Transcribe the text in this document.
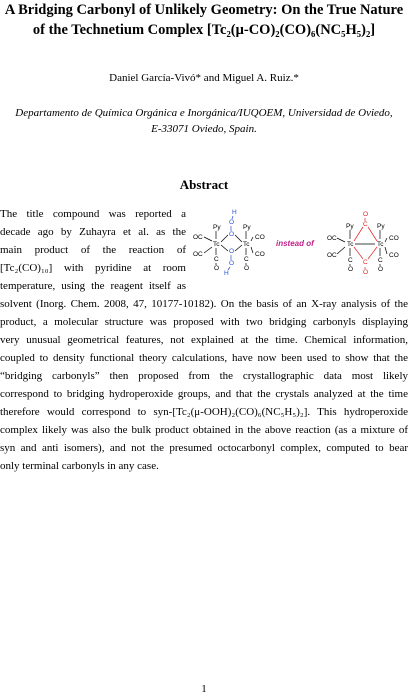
A Bridging Carbonyl of Unlikely Geometry: On the True Nature
of the Technetium Complex [Tc₂(μ-CO)₂(CO)₆(NC₅H₅)₂]
Daniel García-Vivó* and Miguel A. Ruiz.*
Departamento de Química Orgánica e Inorgánica/IUQOEM, Universidad de Oviedo,
E-33071 Oviedo, Spain.
Abstract
The title compound was reported a
decade ago by Zuhayra et al. as the
main product of the reaction of
[Tc₂(CO)₁₀] with pyridine at room
temperature, using the reagent itself as
solvent (Inorg. Chem. 2008, 47, 10177-10182). On the basis of an X-ray analysis of the
product, a molecular structure was proposed with two bridging carbonyls displaying
very unusual geometrical features, not explained at the time. Chemical information,
coupled to density functional theory calculations, have now been used to show that the
“bridging carbonyls” then proposed from the crystallographic data most likely
correspond to bridging hydroperoxide groups, and that the crystals analyzed at the time
therefore would correspond to syn-[Tc₂(μ-OOH)₂(CO)₆(NC₅H₅)₂]. This hydroperoxide
complex likely was also the bulk product obtained in the above reaction (as a mixture of
syn and anti isomers), and not the presumed octocarbonyl complex, computed to bear
only terminal carbonyls in any case.
H
O
O
O
O
H
Py	Py
Tc	Tc
OC
OC
CO
CO
C
O
C
O
instead of
Py	Py
O
C
C
O
Tc	Tc
OC
OC
CO
CO
C
O
C
O
1
